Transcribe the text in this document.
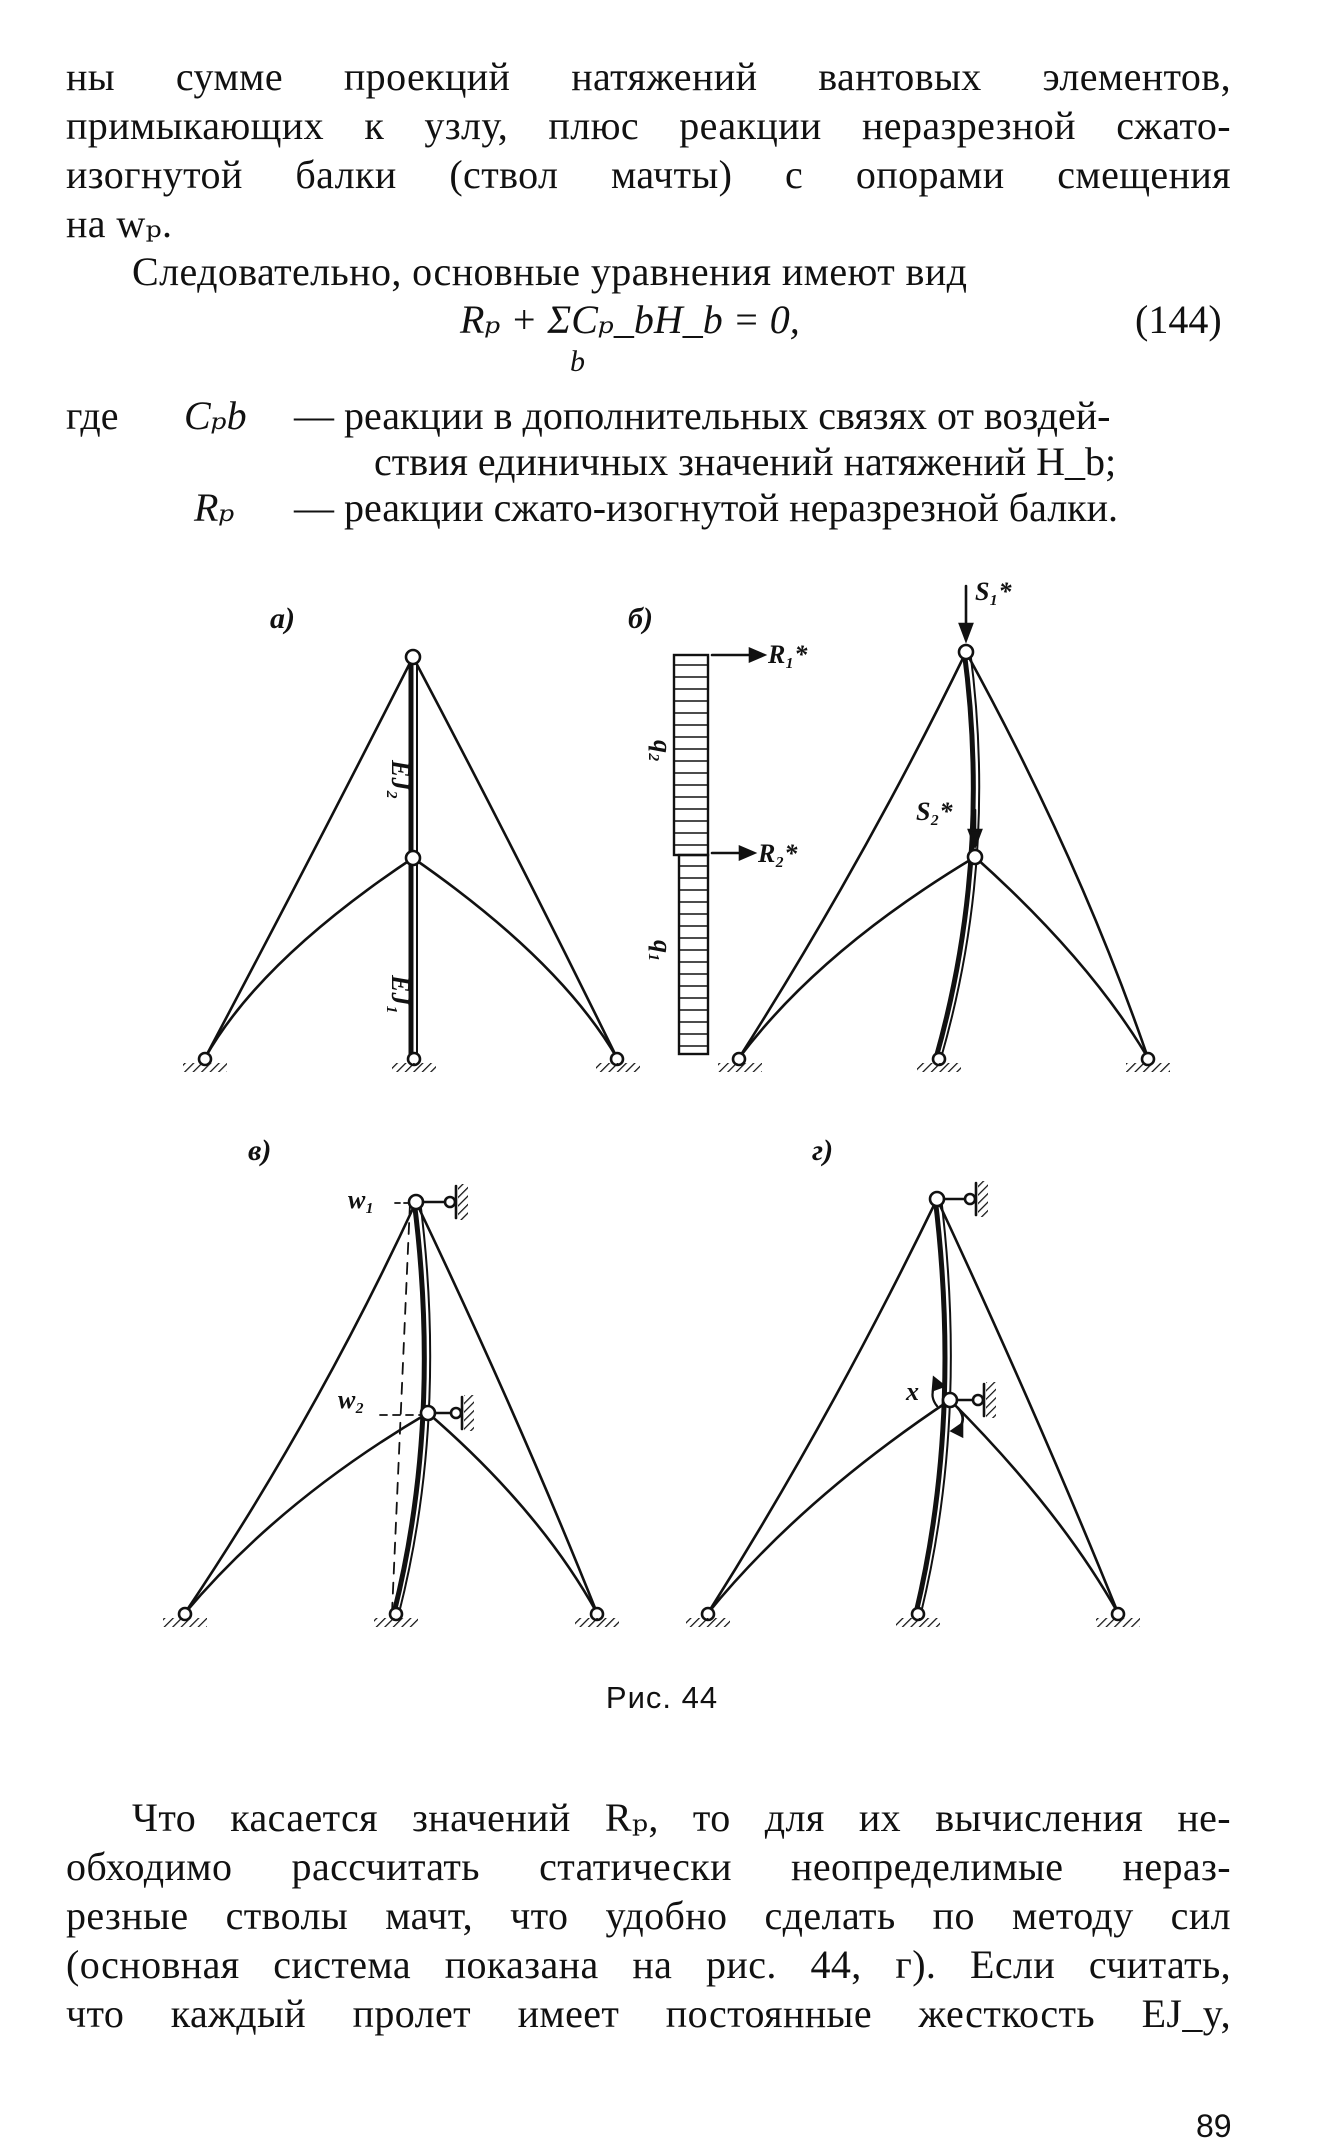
ны сумме проекций натяжений вантовых элементов,
примыкающих к узлу, плюс реакции неразрезной сжато-
изогнутой балки (ствол мачты) с опорами смещения
на wₚ.
Следовательно, основные уравнения имеют вид
Rₚ + ΣCₚ_bH_b = 0,
b
(144)
где Cₚb — реакции в дополнительных связях от воздей-
ствия единичных значений натяжений H_b;
Rₚ — реакции сжато-изогнутой неразрезной балки.
а)	б)
в)	г)
EJ₂
EJ₁
q₂
q₁
R₁*
R₂*
S₁*
S₂*
w₁
w₂	x
Рис. 44
Что касается значений Rₚ, то для их вычисления не-
обходимо рассчитать статически неопределимые нераз-
резные стволы мачт, что удобно сделать по методу сил
(основная система показана на рис. 44, г). Если считать,
что каждый пролет имеет постоянные жесткость EJ_y,
89
